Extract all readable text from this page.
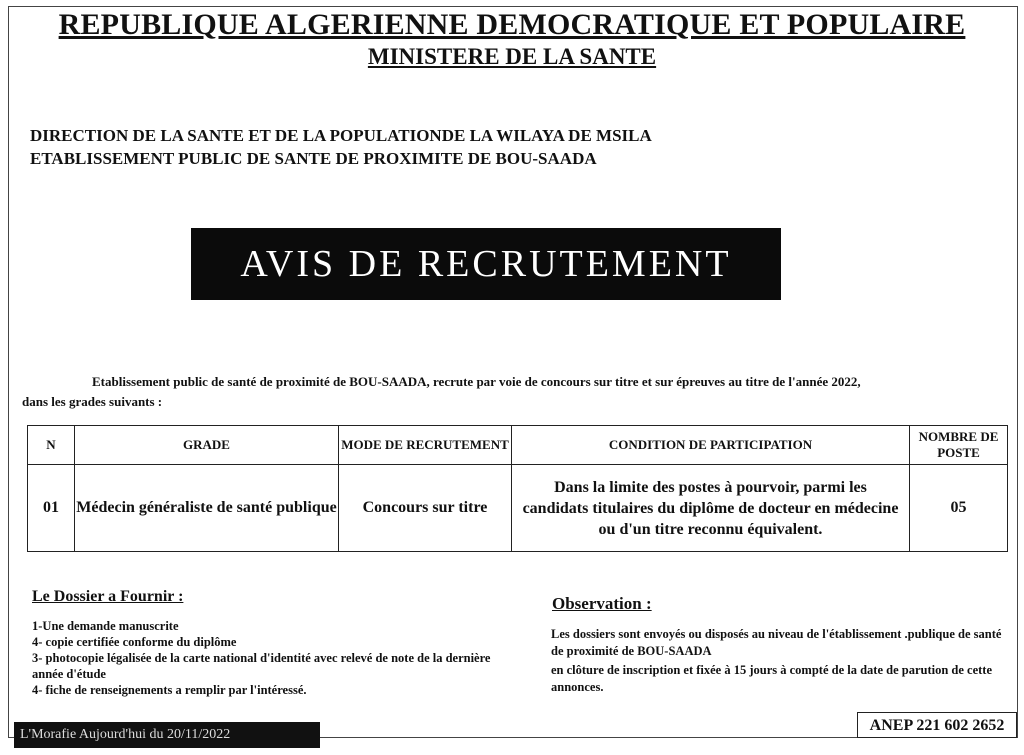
REPUBLIQUE ALGERIENNE DEMOCRATIQUE ET POPULAIRE
MINISTERE DE LA SANTE
DIRECTION DE LA SANTE ET DE LA POPULATIONDE LA WILAYA DE MSILA
ETABLISSEMENT PUBLIC DE SANTE DE PROXIMITE DE BOU-SAADA
AVIS DE RECRUTEMENT
Etablissement public de santé de proximité de BOU-SAADA, recrute par voie de concours sur titre et sur épreuves au titre de l'année 2022,
dans les grades suivants :
N	GRADE	MODE DE RECRUTEMENT	CONDITION DE PARTICIPATION	NOMBRE DE POSTE
01	Médecin généraliste de santé publique	Concours sur titre	Dans la limite des postes à pourvoir, parmi les candidats titulaires du diplôme de docteur en médecine ou d'un titre reconnu équivalent.	05
Le Dossier a Fournir :
1-Une demande manuscrite
4- copie certifiée conforme du diplôme
3- photocopie légalisée de la carte national d'identité avec relevé de note de la dernière année d'étude
4- fiche de renseignements a remplir par l'intéressé.
Observation :
Les dossiers sont envoyés ou disposés au niveau de l'établissement .publique de santé de proximité de BOU-SAADA
en clôture de inscription et fixée à 15 jours à compté de la date de parution de cette annonces.
L'Morafie Aujourd'hui du 20/11/2022
ANEP 221 602 2652
